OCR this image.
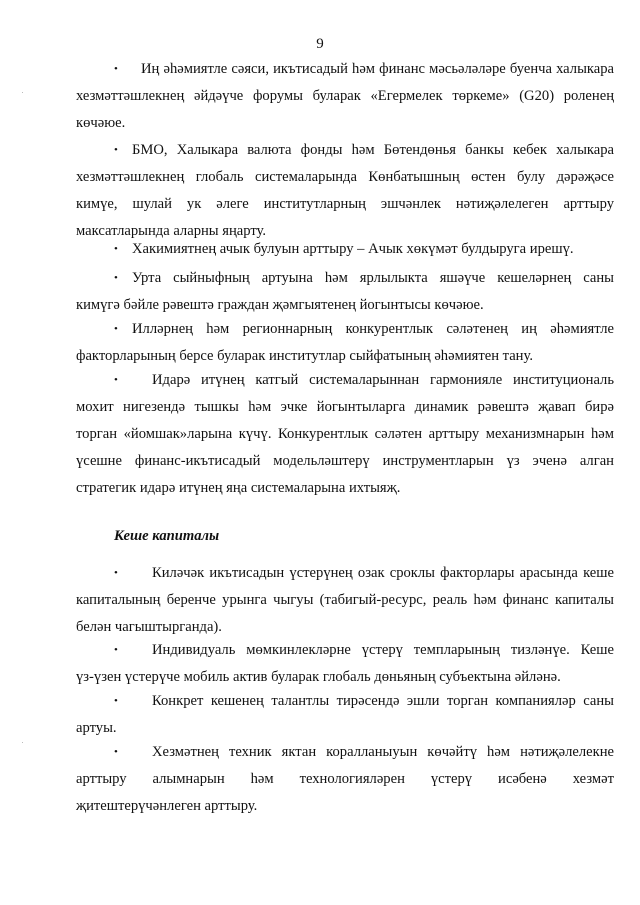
9
•	Иң әһәмиятле сәяси, икътисадый һәм финанс мәсьәләләре буенча халыкара
хезмәттәшлекнең әйдәүче форумы буларак «Егермелек төркеме» (G20) роленең
көчәюе.
• БМО, Халыкара валюта фонды һәм Бөтендөнья банкы кебек халыкара
хезмәттәшлекнең глобаль системаларында Көнбатышның өстен булу дәрәҗәсе
кимүе, шулай ук әлеге институтларның эшчәнлек нәтиҗәлелеген арттыру
максатларында аларны яңарту.
• Хакимиятнең ачык булуын арттыру – Ачык хөкүмәт булдыруга ирешү.
• Урта сыйныфның артуына һәм ярлылыкта яшәүче кешеләрнең саны
кимүгә бәйле рәвештә граждан җәмгыятенең йогынтысы көчәюе.
• Илләрнең һәм регионнарның конкурентлык сәләтенең иң әһәмиятле
факторларының берсе буларак институтлар сыйфатының әһәмиятен тану.
•	Идарә итүнең катгый системаларыннан гармонияле институциональ
мохит нигезендә тышкы һәм эчке йогынтыларга динамик рәвештә җавап бирә
торган «йомшак»ларына күчү. Конкурентлык сәләтен арттыру механизмнарын һәм
үсешне финанс-икътисадый модельләштерү инструментларын үз эченә алган
стратегик идарә итүнең яңа системаларына ихтыяҗ.
Кеше капиталы
•	Киләчәк икътисадын үстерүнең озак сроклы факторлары арасында кеше
капиталының беренче урынга чыгуы (табигый-ресурс, реаль һәм финанс капиталы
белән чагыштырганда).
•	Индивидуаль мөмкинлекләрне үстерү темпларының тизләнүе. Кеше
үз-үзен үстерүче мобиль актив буларак глобаль дөньяның субъектына әйләнә.
•	Конкрет кешенең талантлы тирәсендә эшли торган компанияләр саны
артуы.
•	Хезмәтнең техник яктан коралланыуын көчәйтү һәм нәтиҗәлелекне
арттыру алымнарын һәм технологияләрен үстерү исәбенә хезмәт
җитештерүчәнлеген арттыру.
